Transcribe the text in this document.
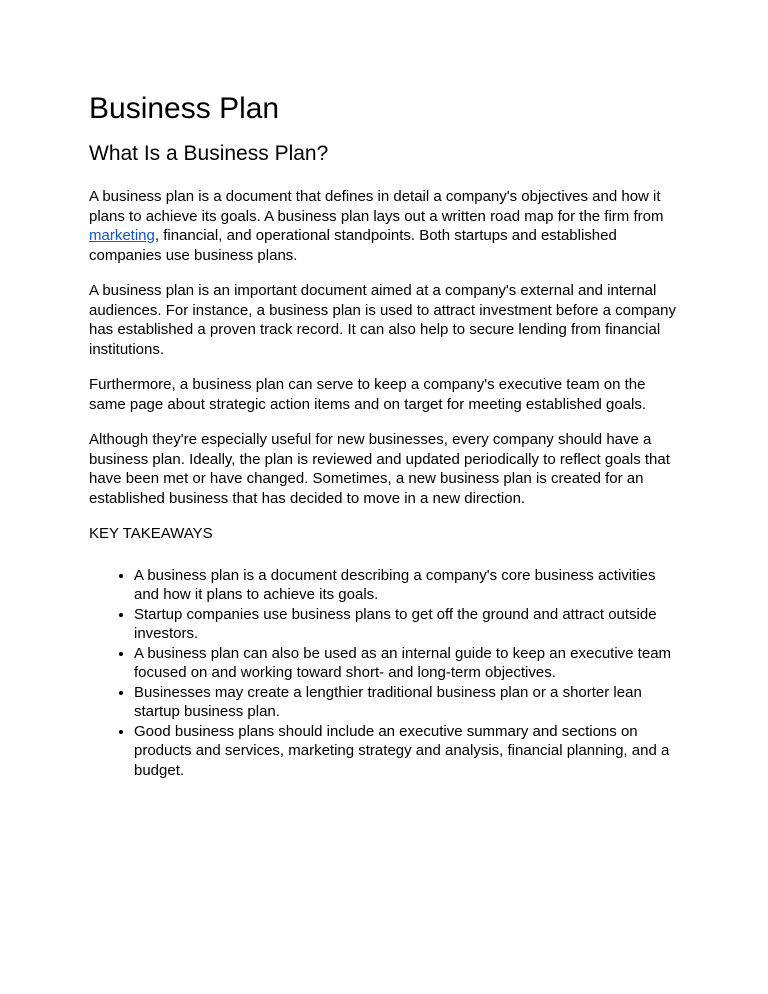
Business Plan
What Is a Business Plan?

A business plan is a document that defines in detail a company's objectives and how it plans to achieve its goals. A business plan lays out a written road map for the firm from marketing, financial, and operational standpoints. Both startups and established companies use business plans.

A business plan is an important document aimed at a company's external and internal audiences. For instance, a business plan is used to attract investment before a company has established a proven track record. It can also help to secure lending from financial institutions.

Furthermore, a business plan can serve to keep a company's executive team on the same page about strategic action items and on target for meeting established goals.

Although they're especially useful for new businesses, every company should have a business plan. Ideally, the plan is reviewed and updated periodically to reflect goals that have been met or have changed. Sometimes, a new business plan is created for an established business that has decided to move in a new direction.

KEY TAKEAWAYS

A business plan is a document describing a company's core business activities and how it plans to achieve its goals.
Startup companies use business plans to get off the ground and attract outside investors.
A business plan can also be used as an internal guide to keep an executive team focused on and working toward short- and long-term objectives.
Businesses may create a lengthier traditional business plan or a shorter lean startup business plan.
Good business plans should include an executive summary and sections on products and services, marketing strategy and analysis, financial planning, and a budget.
